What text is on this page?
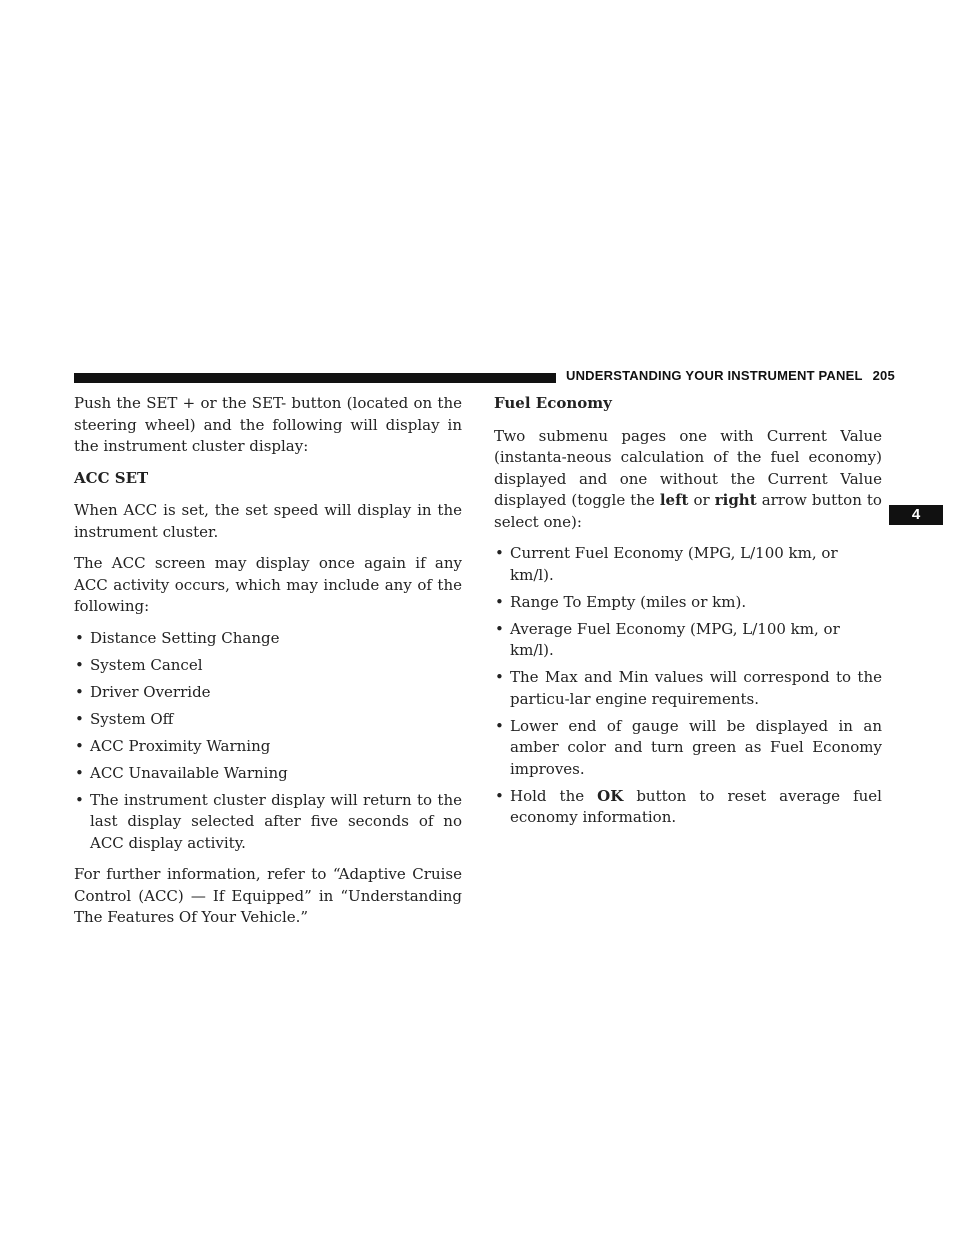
UNDERSTANDING YOUR INSTRUMENT PANEL 205
4

Push the SET + or the SET- button (located on the steering wheel) and the following will display in the instrument cluster display:

ACC SET

When ACC is set, the set speed will display in the instrument cluster.

The ACC screen may display once again if any ACC activity occurs, which may include any of the following:

• Distance Setting Change
• System Cancel
• Driver Override
• System Off
• ACC Proximity Warning
• ACC Unavailable Warning
• The instrument cluster display will return to the last display selected after five seconds of no ACC display activity.

For further information, refer to “Adaptive Cruise Control (ACC) — If Equipped” in “Understanding The Features Of Your Vehicle.”

Fuel Economy

Two submenu pages one with Current Value (instanta-neous calculation of the fuel economy) displayed and one without the Current Value displayed (toggle the left or right arrow button to select one):

• Current Fuel Economy (MPG, L/100 km, or km/l).
• Range To Empty (miles or km).
• Average Fuel Economy (MPG, L/100 km, or km/l).
• The Max and Min values will correspond to the particu-lar engine requirements.
• Lower end of gauge will be displayed in an amber color and turn green as Fuel Economy improves.
• Hold the OK button to reset average fuel economy information.
